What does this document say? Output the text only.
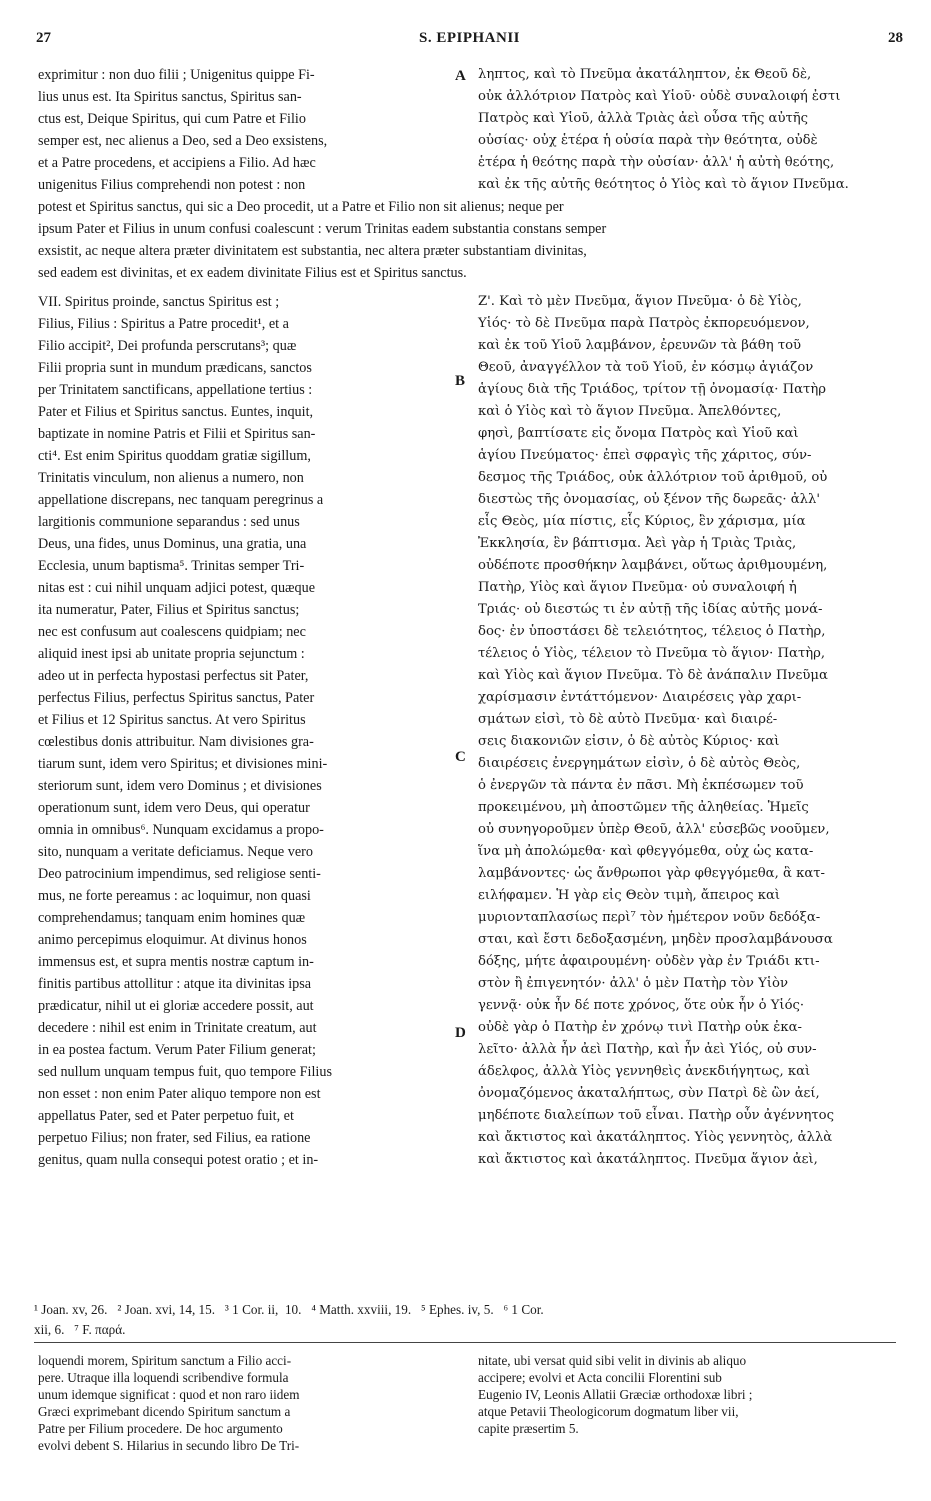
27	S. EPIPHANII	28
A
B
C
D
exprimitur : non duo filii ; Unigenitus quippe Fi-
lius unus est. Ita Spiritus sanctus, Spiritus san-
ctus est, Deique Spiritus, qui cum Patre et Filio
semper est, nec alienus a Deo, sed a Deo exsistens,
et a Patre procedens, et accipiens a Filio. Ad hæc
unigenitus Filius comprehendi non potest : non
ληπτος, καὶ τὸ Πνεῦμα ἀκατάληπτον, ἐκ Θεοῦ δὲ,
οὐκ ἀλλότριον Πατρὸς καὶ Υἱοῦ· οὐδὲ συναλοιφή ἐστι
Πατρὸς καὶ Υἱοῦ, ἀλλὰ Τριὰς ἀεὶ οὖσα τῆς αὐτῆς
οὐσίας· οὐχ ἑτέρα ἡ οὐσία παρὰ τὴν θεότητα, οὐδὲ
ἑτέρα ἡ θεότης παρὰ τὴν οὐσίαν· ἀλλ' ἡ αὐτὴ θεότης,
καὶ ἐκ τῆς αὐτῆς θεότητος ὁ Υἱὸς καὶ τὸ ἅγιον Πνεῦμα.
potest et Spiritus sanctus, qui sic a Deo procedit, ut a Patre et Filio non sit alienus; neque per
ipsum Pater et Filius in unum confusi coalescunt : verum Trinitas eadem substantia constans semper
exsistit, ac neque altera præter divinitatem est substantia, nec altera præter substantiam divinitas,
sed eadem est divinitas, et ex eadem divinitate Filius est et Spiritus sanctus.
VII. Spiritus proinde, sanctus Spiritus est ;
Filius, Filius : Spiritus a Patre procedit¹, et a
Filio accipit², Dei profunda perscrutans³; quæ
Filii propria sunt in mundum prædicans, sanctos
per Trinitatem sanctificans, appellatione tertius :
Pater et Filius et Spiritus sanctus. Euntes, inquit,
baptizate in nomine Patris et Filii et Spiritus san-
cti⁴. Est enim Spiritus quoddam gratiæ sigillum,
Trinitatis vinculum, non alienus a numero, non
appellatione discrepans, nec tanquam peregrinus a
largitionis communione separandus : sed unus
Deus, una fides, unus Dominus, una gratia, una
Ecclesia, unum baptisma⁵. Trinitas semper Tri-
nitas est : cui nihil unquam adjici potest, quæque
ita numeratur, Pater, Filius et Spiritus sanctus;
nec est confusum aut coalescens quidpiam; nec
aliquid inest ipsi ab unitate propria sejunctum :
adeo ut in perfecta hypostasi perfectus sit Pater,
perfectus Filius, perfectus Spiritus sanctus, Pater
et Filius et 12 Spiritus sanctus. At vero Spiritus
cœlestibus donis attribuitur. Nam divisiones gra-
tiarum sunt, idem vero Spiritus; et divisiones mini-
steriorum sunt, idem vero Dominus ; et divisiones
operationum sunt, idem vero Deus, qui operatur
omnia in omnibus⁶. Nunquam excidamus a propo-
sito, nunquam a veritate deficiamus. Neque vero
Deo patrocinium impendimus, sed religiose senti-
mus, ne forte pereamus : ac loquimur, non quasi
comprehendamus; tanquam enim homines quæ
animo percepimus eloquimur. At divinus honos
immensus est, et supra mentis nostræ captum in-
finitis partibus attollitur : atque ita divinitas ipsa
prædicatur, nihil ut ei gloriæ accedere possit, aut
decedere : nihil est enim in Trinitate creatum, aut
in ea postea factum. Verum Pater Filium generat;
sed nullum unquam tempus fuit, quo tempore Filius
non esset : non enim Pater aliquo tempore non est
appellatus Pater, sed et Pater perpetuo fuit, et
perpetuo Filius; non frater, sed Filius, ea ratione
genitus, quam nulla consequi potest oratio ; et in-
Ζ'. Καὶ τὸ μὲν Πνεῦμα, ἅγιον Πνεῦμα· ὁ δὲ Υἱὸς,
Υἱός· τὸ δὲ Πνεῦμα παρὰ Πατρὸς ἐκπορευόμενον,
καὶ ἐκ τοῦ Υἱοῦ λαμβάνον, ἐρευνῶν τὰ βάθη τοῦ
Θεοῦ, ἀναγγέλλον τὰ τοῦ Υἱοῦ, ἐν κόσμῳ ἁγιάζον
ἁγίους διὰ τῆς Τριάδος, τρίτον τῇ ὀνομασίᾳ· Πατὴρ
καὶ ὁ Υἱὸς καὶ τὸ ἅγιον Πνεῦμα. Ἀπελθόντες,
φησὶ, βαπτίσατε εἰς ὄνομα Πατρὸς καὶ Υἱοῦ καὶ
ἁγίου Πνεύματος· ἐπεὶ σφραγὶς τῆς χάριτος, σύν-
δεσμος τῆς Τριάδος, οὐκ ἀλλότριον τοῦ ἀριθμοῦ, οὐ
διεστὼς τῆς ὀνομασίας, οὐ ξένον τῆς δωρεᾶς· ἀλλ'
εἷς Θεὸς, μία πίστις, εἷς Κύριος, ἓν χάρισμα, μία
Ἐκκλησία, ἓν βάπτισμα. Ἀεὶ γὰρ ἡ Τριὰς Τριὰς,
οὐδέποτε προσθήκην λαμβάνει, οὕτως ἀριθμουμένη,
Πατὴρ, Υἱὸς καὶ ἅγιον Πνεῦμα· οὐ συναλοιφή ἡ
Τριάς· οὐ διεστώς τι ἐν αὐτῇ τῆς ἰδίας αὐτῆς μονά-
δος· ἐν ὑποστάσει δὲ τελειότητος, τέλειος ὁ Πατὴρ,
τέλειος ὁ Υἱὸς, τέλειον τὸ Πνεῦμα τὸ ἅγιον· Πατὴρ,
καὶ Υἱὸς καὶ ἅγιον Πνεῦμα. Τὸ δὲ ἀνάπαλιν Πνεῦμα
χαρίσμασιν ἐντάττόμενον· Διαιρέσεις γὰρ χαρι-
σμάτων εἰσὶ, τὸ δὲ αὐτὸ Πνεῦμα· καὶ διαιρέ-
σεις διακονιῶν εἰσιν, ὁ δὲ αὐτὸς Κύριος· καὶ
διαιρέσεις ἐνεργημάτων εἰσὶν, ὁ δὲ αὐτὸς Θεὸς,
ὁ ἐνεργῶν τὰ πάντα ἐν πᾶσι. Μὴ ἐκπέσωμεν τοῦ
προκειμένου, μὴ ἀποστῶμεν τῆς ἀληθείας. Ἡμεῖς
οὐ συνηγοροῦμεν ὑπὲρ Θεοῦ, ἀλλ' εὐσεβῶς νοοῦμεν,
ἵνα μὴ ἀπολώμεθα· καὶ φθεγγόμεθα, οὐχ ὡς κατα-
λαμβάνοντες· ὡς ἄνθρωποι γὰρ φθεγγόμεθα, ἃ κατ-
ειλήφαμεν. Ἡ γὰρ εἰς Θεὸν τιμὴ, ἄπειρος καὶ
μυριονταπλασίως περὶ⁷ τὸν ἡμέτερον νοῦν δεδόξα-
σται, καὶ ἔστι δεδοξασμένη, μηδὲν προσλαμβάνουσα
δόξης, μήτε ἀφαιρουμένη· οὐδὲν γὰρ ἐν Τριάδι κτι-
στὸν ἢ ἐπιγενητόν· ἀλλ' ὁ μὲν Πατὴρ τὸν Υἱὸν
γεννᾷ· οὐκ ἦν δέ ποτε χρόνος, ὅτε οὐκ ἦν ὁ Υἱός·
οὐδὲ γὰρ ὁ Πατὴρ ἐν χρόνῳ τινὶ Πατὴρ οὐκ ἐκα-
λεῖτο· ἀλλὰ ἦν ἀεὶ Πατὴρ, καὶ ἦν ἀεὶ Υἱός, οὐ συν-
άδελφος, ἀλλὰ Υἱὸς γεννηθεὶς ἀνεκδιήγητως, καὶ
ὀνομαζόμενος ἀκαταλήπτως, σὺν Πατρὶ δὲ ὢν ἀεί,
μηδέποτε διαλείπων τοῦ εἶναι. Πατὴρ οὖν ἀγέννητος
καὶ ἄκτιστος καὶ ἀκατάληπτος. Υἱὸς γεννητὸς, ἀλλὰ
καὶ ἄκτιστος καὶ ἀκατάληπτος. Πνεῦμα ἅγιον ἀεὶ,
¹ Joan. xv, 26.   ² Joan. xvi, 14, 15.   ³ 1 Cor. ii,  10.   ⁴ Matth. xxviii, 19.   ⁵ Ephes. iv, 5.   ⁶ 1 Cor.
xii, 6.   ⁷ F. παρά.
loquendi morem, Spiritum sanctum a Filio acci-
pere. Utraque illa loquendi scribendive formula
unum idemque significat : quod et non raro iidem
Græci exprimebant dicendo Spiritum sanctum a
Patre per Filium procedere. De hoc argumento
evolvi debent S. Hilarius in secundo libro De Tri-
nitate, ubi versat quid sibi velit in divinis ab aliquo
accipere; evolvi et Acta concilii Florentini sub
Eugenio IV, Leonis Allatii Græciæ orthodoxæ libri ;
atque Petavii Theologicorum dogmatum liber vii,
capite præsertim 5.
